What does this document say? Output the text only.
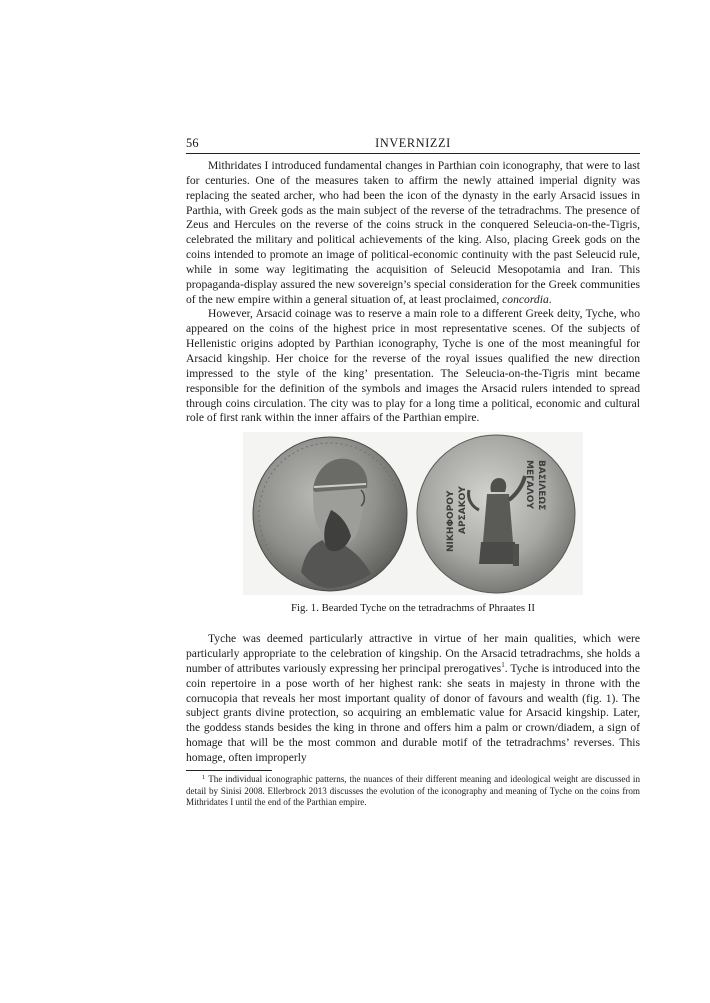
56	INVERNIZZI

Mithridates I introduced fundamental changes in Parthian coin iconography, that were to last for centuries. One of the measures taken to affirm the newly attained imperial dignity was replacing the seated archer, who had been the icon of the dynasty in the early Arsacid issues in Parthia, with Greek gods as the main subject of the reverse of the tetradrachms. The presence of Zeus and Hercules on the reverse of the coins struck in the conquered Seleucia-on-the-Tigris, celebrated the military and political achievements of the king. Also, placing Greek gods on the coins intended to promote an image of political-economic continuity with the past Seleucid rule, while in some way legitimating the acquisition of Seleucid Mesopotamia and Iran. This propaganda-display assured the new sovereign’s special consideration for the Greek communities of the new empire within a general situation of, at least proclaimed, concordia.

However, Arsacid coinage was to reserve a main role to a different Greek deity, Tyche, who appeared on the coins of the highest price in most representative scenes. Of the subjects of Hellenistic origins adopted by Parthian iconography, Tyche is one of the most meaningful for Arsacid kingship. Her choice for the reverse of the royal issues qualified the new direction impressed to the style of the king’ presentation. The Seleucia-on-the-Tigris mint became responsible for the definition of the symbols and images the Arsacid rulers intended to spread through coins circulation. The city was to play for a long time a political, economic and cultural role of first rank within the inner affairs of the Parthian empire.

ΒΑΣΙΛΕΩΣ
ΜΕΓΑΛΟΥ
ΑΡΣΑΚΟΥ
ΝΙΚΗΦΟΡΟΥ
Fig. 1. Bearded Tyche on the tetradrachms of Phraates II

Tyche was deemed particularly attractive in virtue of her main qualities, which were particularly appropriate to the celebration of kingship. On the Arsacid tetradrachms, she holds a number of attributes variously expressing her principal prerogatives$^1$. Tyche is introduced into the coin repertoire in a pose worth of her highest rank: she seats in majesty in throne with the cornucopia that reveals her most important quality of donor of favours and wealth (fig. 1). The subject grants divine protection, so acquiring an emblematic value for Arsacid kingship. Later, the goddess stands besides the king in throne and offers him a palm or crown/diadem, a sign of homage that will be the most common and durable motif of the tetradrachms’ reverses. This homage, often improperly

$^1$ The individual iconographic patterns, the nuances of their different meaning and ideological weight are discussed in detail by Sinisi 2008. Ellerbrock 2013 discusses the evolution of the iconography and meaning of Tyche on the coins from Mithridates I until the end of the Parthian empire.
